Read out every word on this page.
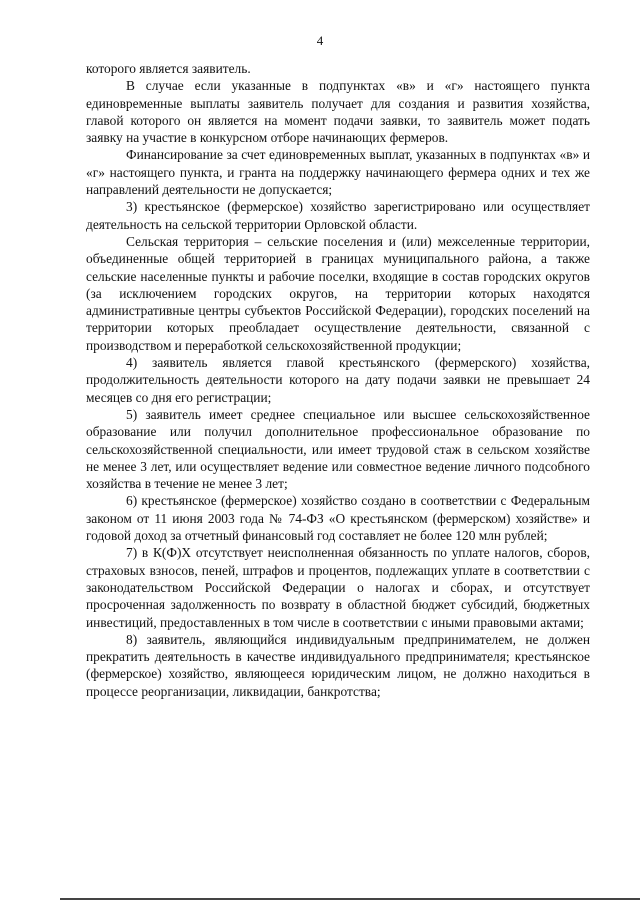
4

которого является заявитель.

В случае если указанные в подпунктах «в» и «г» настоящего пункта единовременные выплаты заявитель получает для создания и развития хозяйства, главой которого он является на момент подачи заявки, то заявитель может подать заявку на участие в конкурсном отборе начинающих фермеров.

Финансирование за счет единовременных выплат, указанных в подпунктах «в» и «г» настоящего пункта, и гранта на поддержку начинающего фермера одних и тех же направлений деятельности не допускается;

3) крестьянское (фермерское) хозяйство зарегистрировано или осуществляет деятельность на сельской территории Орловской области.

Сельская территория – сельские поселения и (или) межселенные территории, объединенные общей территорией в границах муниципального района, а также сельские населенные пункты и рабочие поселки, входящие в состав городских округов (за исключением городских округов, на территории которых находятся административные центры субъектов Российской Федерации), городских поселений на территории которых преобладает осуществление деятельности, связанной с производством и переработкой сельскохозяйственной продукции;

4) заявитель является главой крестьянского (фермерского) хозяйства, продолжительность деятельности которого на дату подачи заявки не превышает 24 месяцев со дня его регистрации;

5) заявитель имеет среднее специальное или высшее сельскохозяйственное образование или получил дополнительное профессиональное образование по сельскохозяйственной специальности, или имеет трудовой стаж в сельском хозяйстве не менее 3 лет, или осуществляет ведение или совместное ведение личного подсобного хозяйства в течение не менее 3 лет;

6) крестьянское (фермерское) хозяйство создано в соответствии с Федеральным законом от 11 июня 2003 года № 74-ФЗ «О крестьянском (фермерском) хозяйстве» и годовой доход за отчетный финансовый год составляет не более 120 млн рублей;

7) в К(Ф)Х отсутствует неисполненная обязанность по уплате налогов, сборов, страховых взносов, пеней, штрафов и процентов, подлежащих уплате в соответствии с законодательством Российской Федерации о налогах и сборах, и отсутствует просроченная задолженность по возврату в областной бюджет субсидий, бюджетных инвестиций, предоставленных в том числе в соответствии с иными правовыми актами;

8) заявитель, являющийся индивидуальным предпринимателем, не должен прекратить деятельность в качестве индивидуального предпринимателя; крестьянское (фермерское) хозяйство, являющееся юридическим лицом, не должно находиться в процессе реорганизации, ликвидации, банкротства;
